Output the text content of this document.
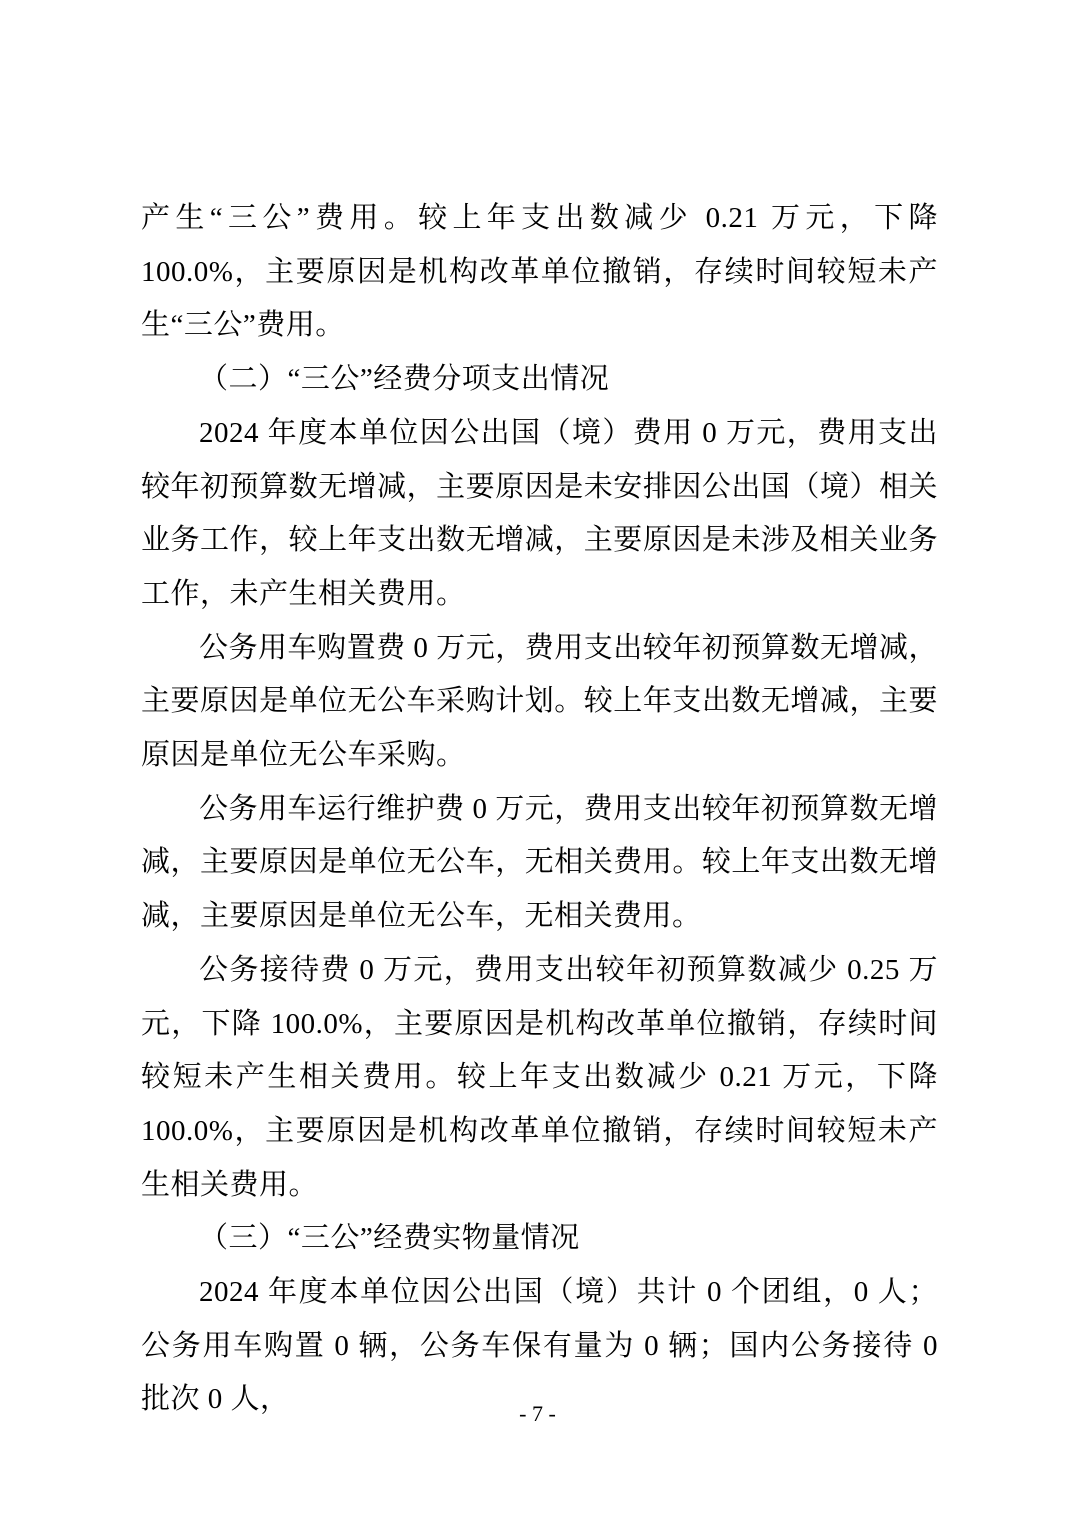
产生“三公”费用。较上年支出数减少 0.21 万元，下降 100.0%，主要原因是机构改革单位撤销，存续时间较短未产生“三公”费用。

（二）“三公”经费分项支出情况

2024 年度本单位因公出国（境）费用 0 万元，费用支出较年初预算数无增减，主要原因是未安排因公出国（境）相关业务工作，较上年支出数无增减，主要原因是未涉及相关业务工作，未产生相关费用。

公务用车购置费 0 万元，费用支出较年初预算数无增减，主要原因是单位无公车采购计划。较上年支出数无增减，主要原因是单位无公车采购。

公务用车运行维护费 0 万元，费用支出较年初预算数无增减，主要原因是单位无公车，无相关费用。较上年支出数无增减，主要原因是单位无公车，无相关费用。

公务接待费 0 万元，费用支出较年初预算数减少 0.25 万元，下降 100.0%，主要原因是机构改革单位撤销，存续时间较短未产生相关费用。较上年支出数减少 0.21 万元，下降 100.0%，主要原因是机构改革单位撤销，存续时间较短未产生相关费用。

（三）“三公”经费实物量情况

2024 年度本单位因公出国（境）共计 0 个团组，0 人；公务用车购置 0 辆，公务车保有量为 0 辆；国内公务接待 0 批次 0 人，	- 7 -
